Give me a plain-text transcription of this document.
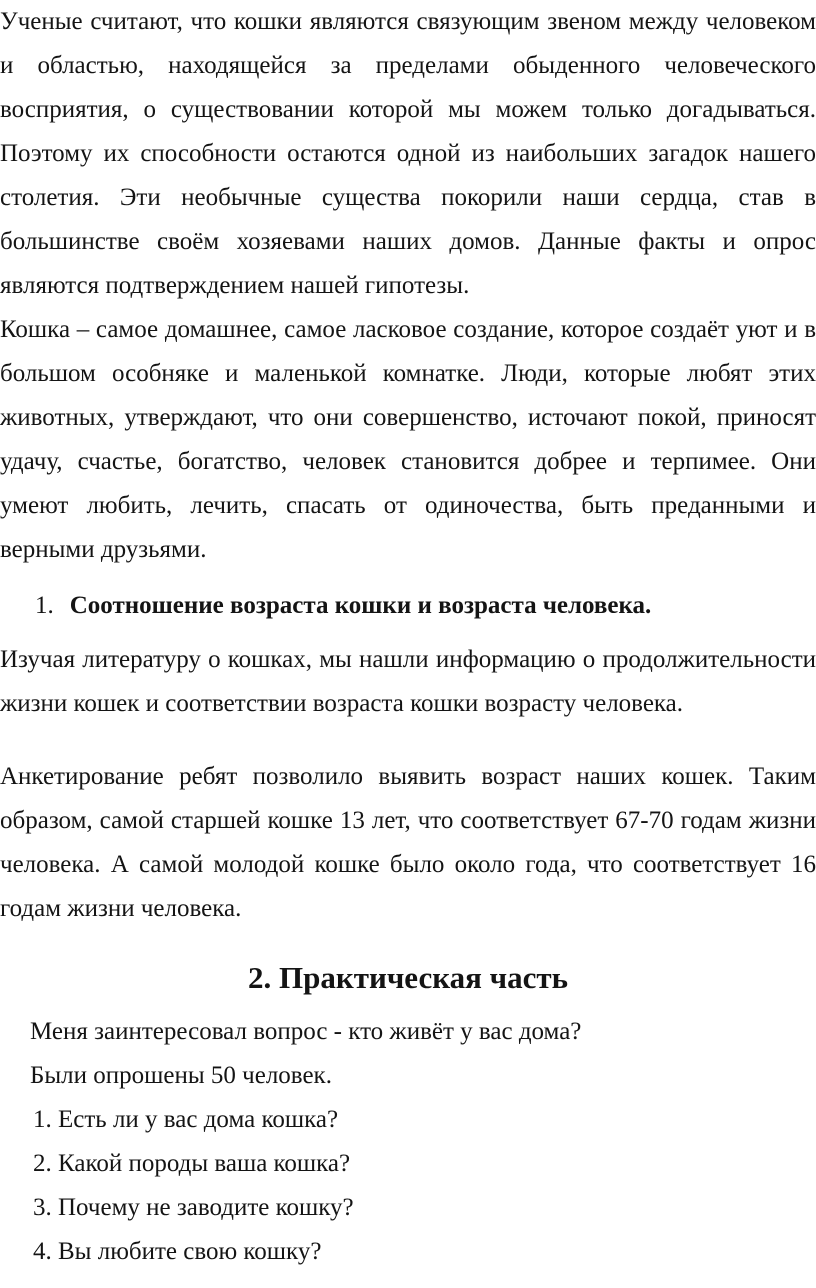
Ученые считают, что кошки являются связующим звеном между человеком и областью, находящейся за пределами обыденного человеческого восприятия, о существовании которой мы можем только догадываться. Поэтому их способности остаются одной из наибольших загадок нашего столетия. Эти необычные существа покорили наши сердца, став в большинстве своём хозяевами наших домов. Данные факты и опрос являются подтверждением нашей гипотезы.

Кошка – самое домашнее, самое ласковое создание, которое создаёт уют и в большом особняке и маленькой комнатке. Люди, которые любят этих животных, утверждают, что они совершенство, источают покой, приносят удачу, счастье, богатство, человек становится добрее и терпимее. Они умеют любить, лечить, спасать от одиночества, быть преданными и верными друзьями.

1. Соотношение возраста кошки и возраста человека.

Изучая литературу о кошках, мы нашли информацию о продолжительности жизни кошек и соответствии возраста кошки возрасту человека.

Анкетирование ребят позволило выявить возраст наших кошек. Таким образом, самой старшей кошке 13 лет, что соответствует 67-70 годам жизни человека. А самой молодой кошке было около года, что соответствует 16 годам жизни человека.

2. Практическая часть

Меня заинтересовал вопрос - кто живёт у вас дома?

Были опрошены 50 человек.

1. Есть ли у вас дома кошка?

2. Какой породы ваша кошка?

3. Почему не заводите кошку?

4. Вы любите свою кошку?
